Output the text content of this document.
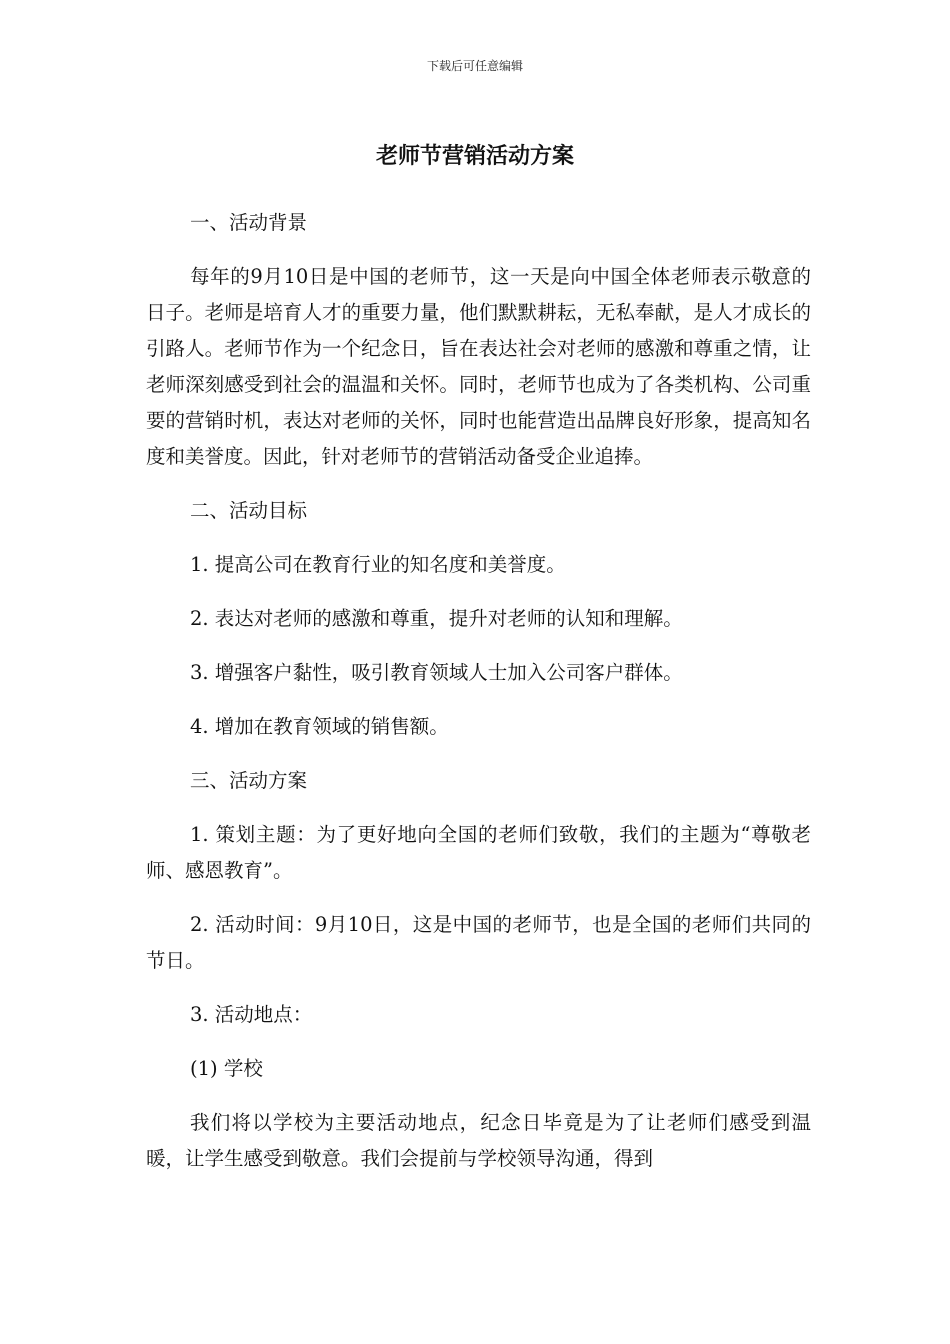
下载后可任意编辑
老师节营销活动方案

一、活动背景

每年的9月10日是中国的老师节，这一天是向中国全体老师表示敬意的日子。老师是培育人才的重要力量，他们默默耕耘，无私奉献，是人才成长的引路人。老师节作为一个纪念日，旨在表达社会对老师的感激和尊重之情，让老师深刻感受到社会的温温和关怀。同时，老师节也成为了各类机构、公司重要的营销时机，表达对老师的关怀，同时也能营造出品牌良好形象，提高知名度和美誉度。因此，针对老师节的营销活动备受企业追捧。

二、活动目标

1. 提高公司在教育行业的知名度和美誉度。

2. 表达对老师的感激和尊重，提升对老师的认知和理解。

3. 增强客户黏性，吸引教育领域人士加入公司客户群体。

4. 增加在教育领域的销售额。

三、活动方案

1. 策划主题：为了更好地向全国的老师们致敬，我们的主题为“尊敬老师、感恩教育”。

2. 活动时间：9月10日，这是中国的老师节，也是全国的老师们共同的节日。

3. 活动地点：

(1) 学校

我们将以学校为主要活动地点，纪念日毕竟是为了让老师们感受到温暖，让学生感受到敬意。我们会提前与学校领导沟通，得到
